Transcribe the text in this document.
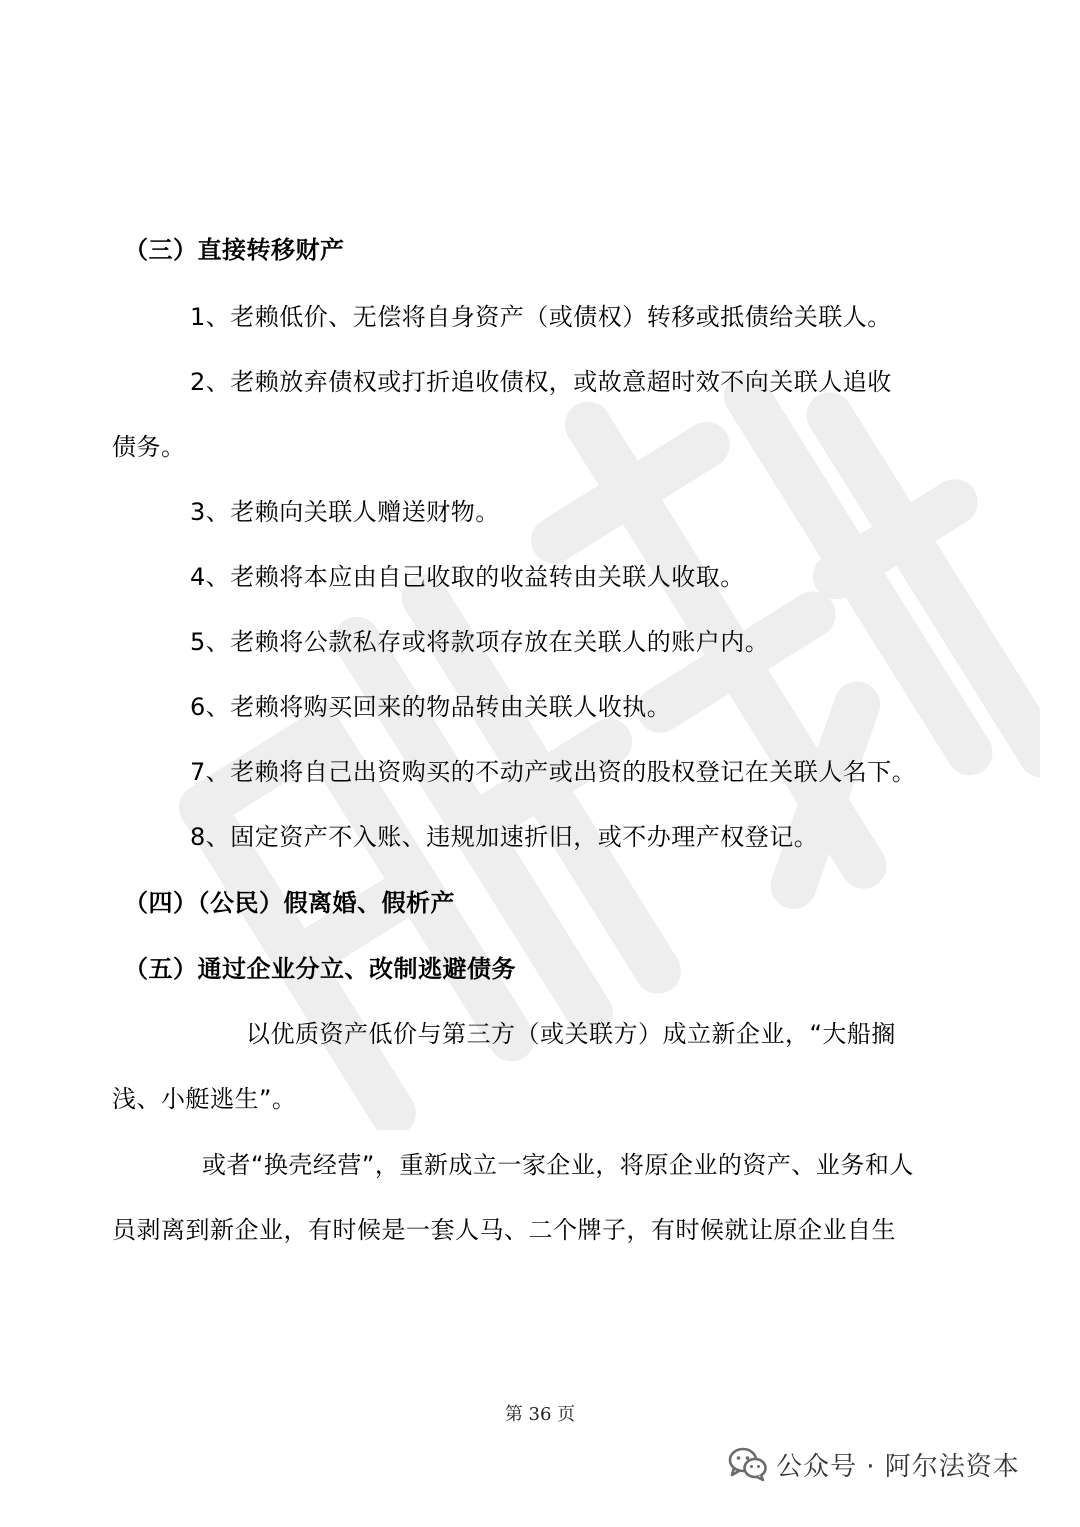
（三）直接转移财产
1、老赖低价、无偿将自身资产（或债权）转移或抵债给关联人。
2、老赖放弃债权或打折追收债权，或故意超时效不向关联人追收
债务。
3、老赖向关联人赠送财物。
4、老赖将本应由自己收取的收益转由关联人收取。
5、老赖将公款私存或将款项存放在关联人的账户内。
6、老赖将购买回来的物品转由关联人收执。
7、老赖将自己出资购买的不动产或出资的股权登记在关联人名下。
8、固定资产不入账、违规加速折旧，或不办理产权登记。
（四）（公民）假离婚、假析产
（五）通过企业分立、改制逃避债务
以优质资产低价与第三方（或关联方）成立新企业，“大船搁
浅、小艇逃生”。
或者“换壳经营”，重新成立一家企业，将原企业的资产、业务和人
员剥离到新企业，有时候是一套人马、二个牌子，有时候就让原企业自生
第 36 页
公众号 · 阿尔法资本
